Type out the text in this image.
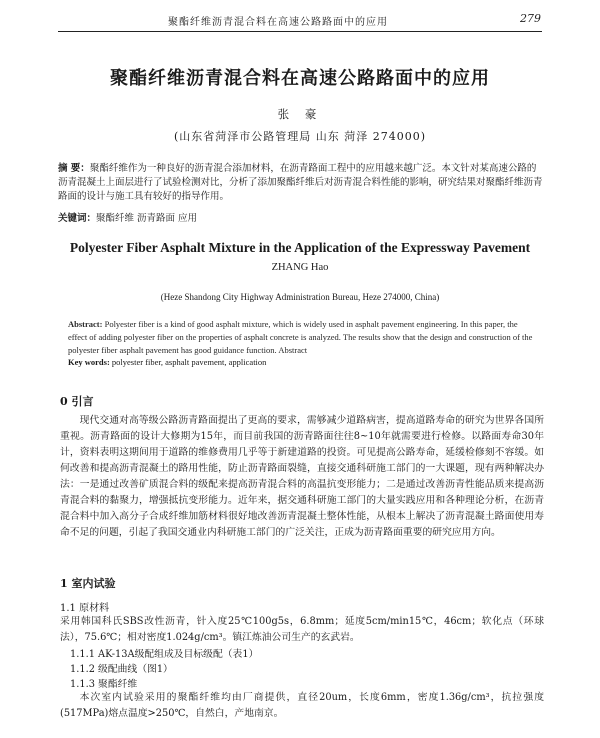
聚酯纤维沥青混合料在高速公路路面中的应用	279
聚酯纤维沥青混合料在高速公路路面中的应用
张 豪
(山东省菏泽市公路管理局 山东 菏泽 274000)
摘 要：聚酯纤维作为一种良好的沥青混合添加材料，在沥青路面工程中的应用越来越广泛。本文针对某高速公路的沥青混凝土上面层进行了试验检测对比，分析了添加聚酯纤维后对沥青混合料性能的影响，研究结果对聚酯纤维沥青路面的设计与施工具有较好的指导作用。
关键词：聚酯纤维 沥青路面 应用
Polyester Fiber Asphalt Mixture in the Application of the Expressway Pavement
ZHANG Hao
(Heze Shandong City Highway Administration Bureau, Heze 274000, China)
Abstract: Polyester fiber is a kind of good asphalt mixture, which is widely used in asphalt pavement engineering. In this paper, the effect of adding polyester fiber on the properties of asphalt concrete is analyzed. The results show that the design and construction of the polyester fiber asphalt pavement has good guidance function. Abstract
Key words: polyester fiber, asphalt pavement, application
0 引言
现代交通对高等级公路沥青路面提出了更高的要求，需够减少道路病害，提高道路寿命的研究为世界各国所重视。沥青路面的设计大修期为15年，而目前我国的沥青路面往往8~10年就需要进行检修。以路面寿命30年计，资料表明这期间用于道路的维修费用几乎等于新建道路的投资。可见提高公路寿命，延缓检修刻不容缓。如何改善和提高沥青混凝土的路用性能，防止沥青路面裂缝，直接交通科研施工部门的一大课题，现有两种解决办法：一是通过改善矿质混合料的级配来提高沥青混合料的高温抗变形能力；二是通过改善沥青性能品质来提高沥青混合料的黏聚力，增强抵抗变形能力。近年来，据交通科研施工部门的大量实践应用和各种理论分析，在沥青混合料中加入高分子合成纤维加筋材料很好地改善沥青混凝土整体性能，从根本上解决了沥青混凝土路面使用寿命不足的问题，引起了我国交通业内科研施工部门的广泛关注，正成为沥青路面重要的研究应用方向。
1 室内试验
1.1 原材料
采用韩国科氏SBS改性沥青，针入度25℃100g5s，6.8mm；延度5cm/min15℃，46cm；软化点（环球法），75.6℃；相对密度1.024g/cm³。镇江炼油公司生产的玄武岩。
1.1.1 AK-13A级配组成及目标级配（表1）
1.1.2 级配曲线（图1）
1.1.3 聚酯纤维
本次室内试验采用的聚酯纤维均由厂商提供，直径20um，长度6mm，密度1.36g/cm³，抗拉强度(517MPa)熔点温度>250℃，自然白，产地南京。
